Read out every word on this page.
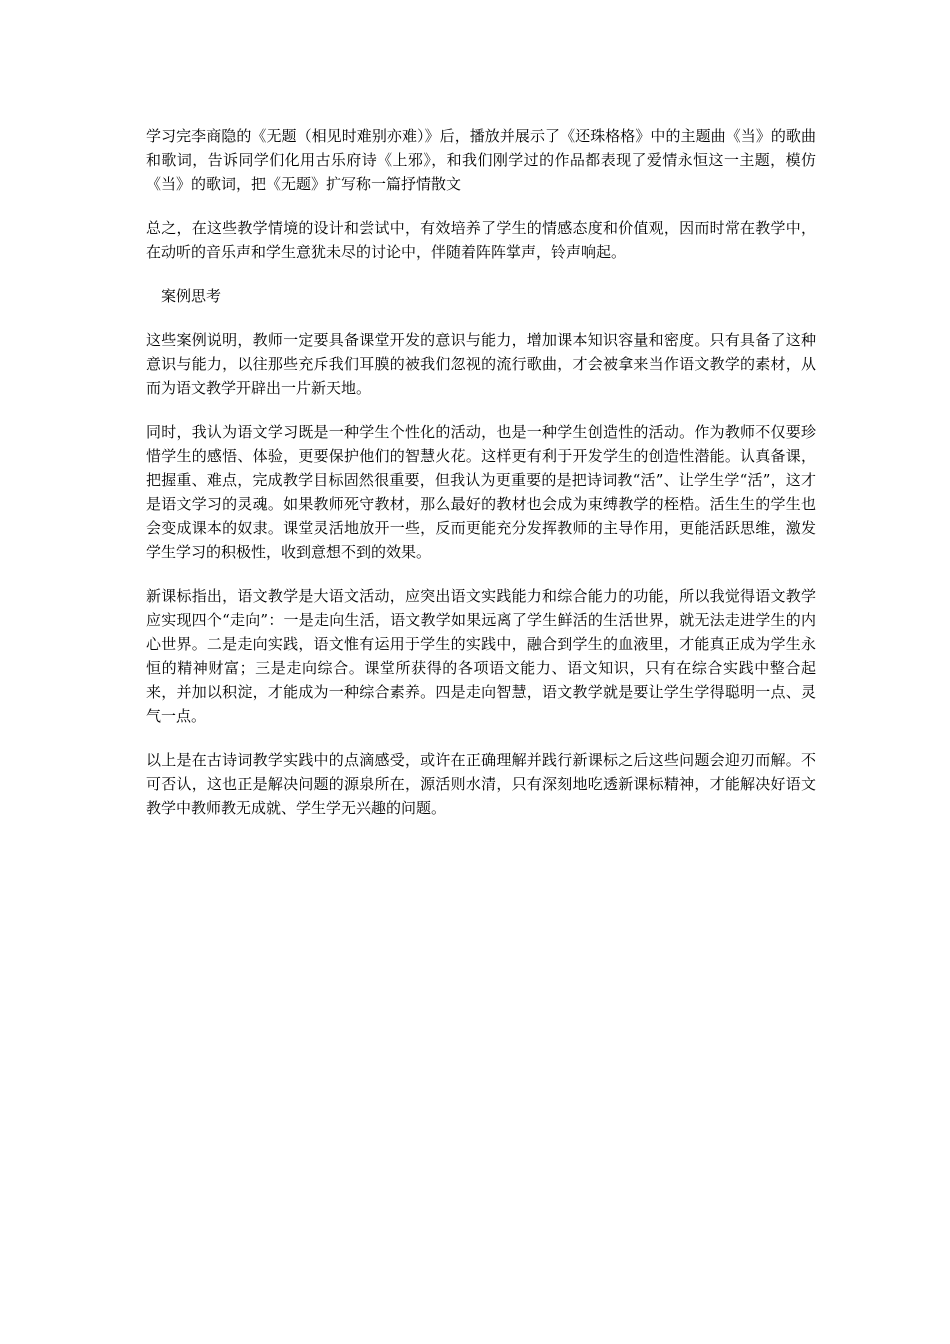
学习完李商隐的《无题（相见时难别亦难）》后，播放并展示了《还珠格格》中的主题曲《当》的歌曲和歌词，告诉同学们化用古乐府诗《上邪》，和我们刚学过的作品都表现了爱情永恒这一主题，模仿《当》的歌词，把《无题》扩写称一篇抒情散文

总之，在这些教学情境的设计和尝试中，有效培养了学生的情感态度和价值观，因而时常在教学中，在动听的音乐声和学生意犹未尽的讨论中，伴随着阵阵掌声，铃声响起。

案例思考

这些案例说明，教师一定要具备课堂开发的意识与能力，增加课本知识容量和密度。只有具备了这种意识与能力，以往那些充斥我们耳膜的被我们忽视的流行歌曲，才会被拿来当作语文教学的素材，从而为语文教学开辟出一片新天地。

同时，我认为语文学习既是一种学生个性化的活动，也是一种学生创造性的活动。作为教师不仅要珍惜学生的感悟、体验，更要保护他们的智慧火花。这样更有利于开发学生的创造性潜能。认真备课，把握重、难点，完成教学目标固然很重要，但我认为更重要的是把诗词教“活”、让学生学“活”，这才是语文学习的灵魂。如果教师死守教材，那么最好的教材也会成为束缚教学的桎梏。活生生的学生也会变成课本的奴隶。课堂灵活地放开一些，反而更能充分发挥教师的主导作用，更能活跃思维，激发学生学习的积极性，收到意想不到的效果。

新课标指出，语文教学是大语文活动，应突出语文实践能力和综合能力的功能，所以我觉得语文教学应实现四个“走向”：一是走向生活，语文教学如果远离了学生鲜活的生活世界，就无法走进学生的内心世界。二是走向实践，语文惟有运用于学生的实践中，融合到学生的血液里，才能真正成为学生永恒的精神财富；三是走向综合。课堂所获得的各项语文能力、语文知识，只有在综合实践中整合起来，并加以积淀，才能成为一种综合素养。四是走向智慧，语文教学就是要让学生学得聪明一点、灵气一点。

以上是在古诗词教学实践中的点滴感受，或许在正确理解并践行新课标之后这些问题会迎刃而解。不可否认，这也正是解决问题的源泉所在，源活则水清，只有深刻地吃透新课标精神，才能解决好语文教学中教师教无成就、学生学无兴趣的问题。
